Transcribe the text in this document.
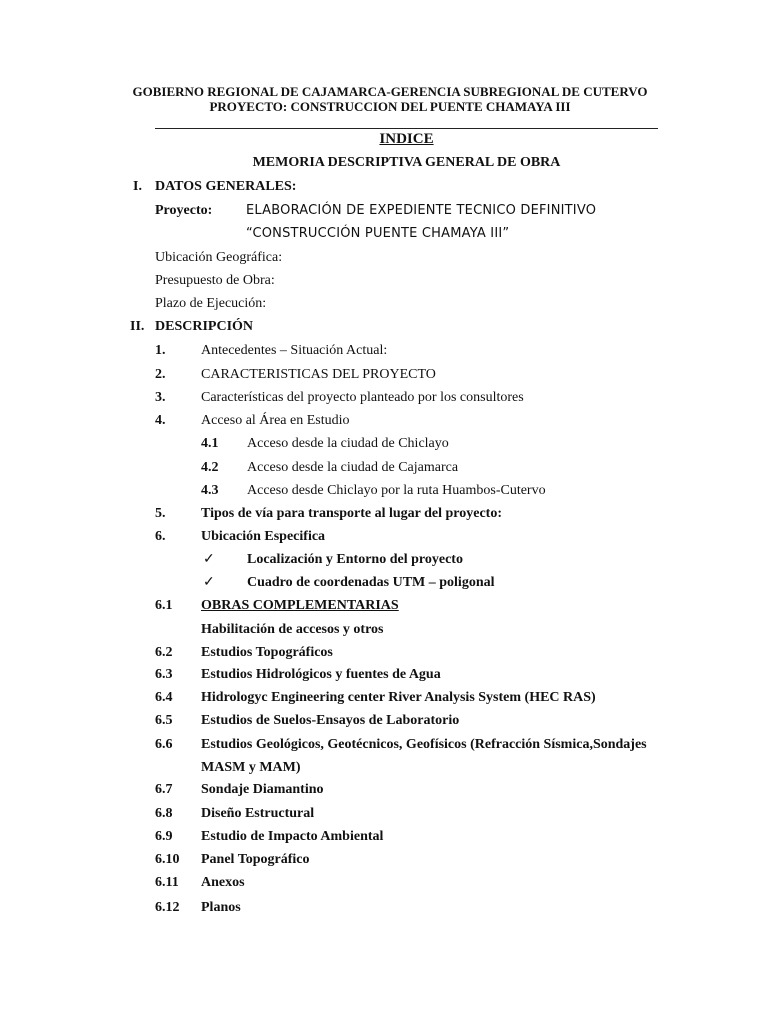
GOBIERNO REGIONAL DE CAJAMARCA-GERENCIA SUBREGIONAL DE CUTERVO
PROYECTO: CONSTRUCCION DEL PUENTE CHAMAYA III
INDICE
MEMORIA DESCRIPTIVA GENERAL DE OBRA
I. DATOS GENERALES:
Proyecto:	ELABORACIÓN DE EXPEDIENTE TECNICO DEFINITIVO
“CONSTRUCCIÓN PUENTE CHAMAYA III”
Ubicación Geográfica:
Presupuesto de Obra:
Plazo de Ejecución:
II. DESCRIPCIÓN
1.	Antecedentes – Situación Actual:
2.	CARACTERISTICAS DEL PROYECTO
3.	Características del proyecto planteado por los consultores
4.	Acceso al Área en Estudio
4.1 Acceso desde la ciudad de Chiclayo
4.2 Acceso desde la ciudad de Cajamarca
4.3 Acceso desde Chiclayo por la ruta Huambos-Cutervo
5.	Tipos de vía para transporte al lugar del proyecto:
6.	Ubicación Especifica
✓ Localización y Entorno del proyecto
✓ Cuadro de coordenadas UTM – poligonal
6.1 OBRAS COMPLEMENTARIAS
Habilitación de accesos y otros
6.2 Estudios Topográficos
6.3 Estudios Hidrológicos y fuentes de Agua
6.4 Hidrologyc Engineering center River Analysis System (HEC RAS)
6.5 Estudios de Suelos-Ensayos de Laboratorio
6.6 Estudios Geológicos, Geotécnicos, Geofísicos (Refracción Sísmica,Sondajes
MASM y MAM)
6.7 Sondaje Diamantino
6.8 Diseño Estructural
6.9 Estudio de Impacto Ambiental
6.10 Panel Topográfico
6.11 Anexos
6.12 Planos
